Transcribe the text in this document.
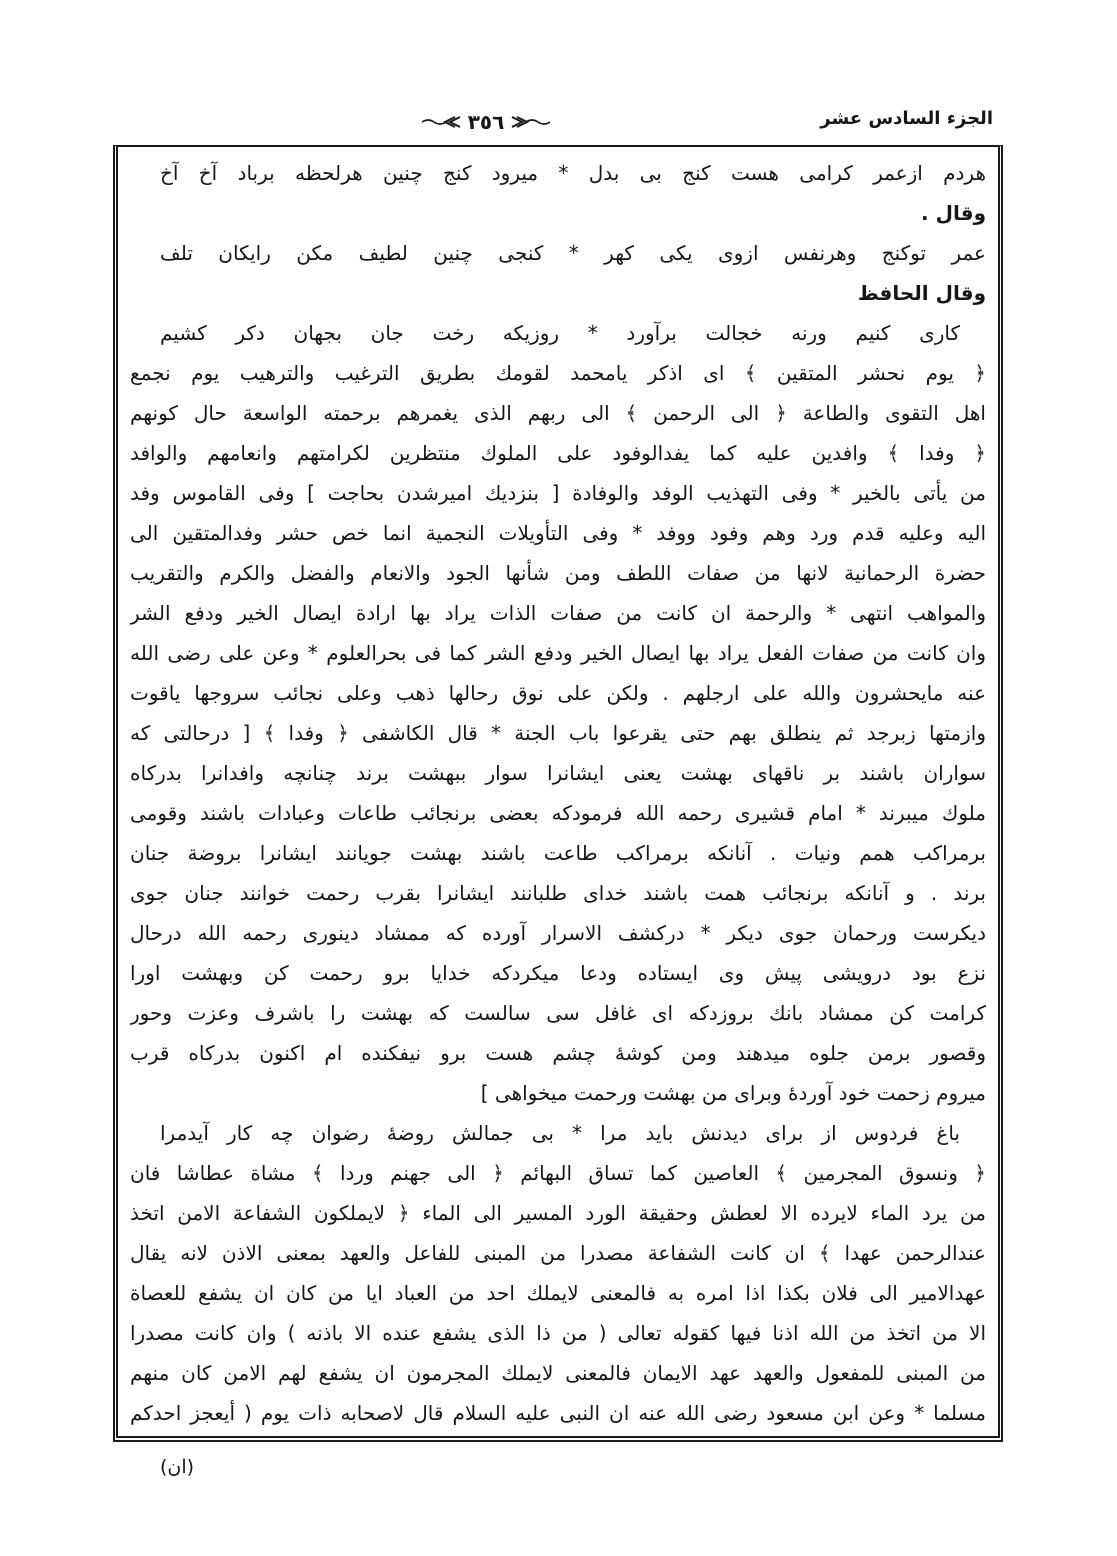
الجزء السادس عشر
٣٥٦
هردم ازعمر كرامى هست كنج بى بدل * ميرود كنج چنين هرلحظه برباد آخ آخ
وقال .
عمر توكنج وهرنفس ازوى يكى كهر * كنجى چنين لطيف مكن رايكان تلف
وقال الحافظ
كارى كنيم ورنه خجالت برآورد * روزيكه رخت جان بجهان دكر كشيم
﴿ يوم نحشر المتقين ﴾ اى اذكر يامحمد لقومك بطريق الترغيب والترهيب يوم نجمع
اهل التقوى والطاعة ﴿ الى الرحمن ﴾ الى ربهم الذى يغمرهم برحمته الواسعة حال كونهم
﴿ وفدا ﴾ وافدين عليه كما يفدالوفود على الملوك منتظرين لكرامتهم وانعامهم والوافد
من يأتى بالخير * وفى التهذيب الوفد والوفادة [ بنزديك اميرشدن بحاجت ] وفى القاموس وفد
اليه وعليه قدم ورد وهم وفود ووفد * وفى التأويلات النجمية انما خص حشر وفدالمتقين الى
حضرة الرحمانية لانها من صفات اللطف ومن شأنها الجود والانعام والفضل والكرم والتقريب
والمواهب انتهى * والرحمة ان كانت من صفات الذات يراد بها ارادة ايصال الخير ودفع الشر
وان كانت من صفات الفعل يراد بها ايصال الخير ودفع الشر كما فى بحرالعلوم * وعن على رضى الله
عنه مايحشرون والله على ارجلهم . ولكن على نوق رحالها ذهب وعلى نجائب سروجها ياقوت
وازمتها زبرجد ثم ينطلق بهم حتى يقرعوا باب الجنة * قال الكاشفى ﴿ وفدا ﴾ [ درحالتى كه
سواران باشند بر ناقهاى بهشت يعنى ايشانرا سوار ببهشت برند چنانچه وافدانرا بدركاه
ملوك ميبرند * امام قشيرى رحمه الله فرمودكه بعضى برنجائب طاعات وعبادات باشند وقومى
برمراكب همم ونيات . آنانكه برمراكب طاعت باشند بهشت جويانند ايشانرا بروضة جنان
برند . و آنانكه برنجائب همت باشند خداى طلبانند ايشانرا بقرب رحمت خوانند جنان جوى
ديكرست ورحمان جوى ديكر * دركشف الاسرار آورده كه ممشاد دينورى رحمه الله درحال
نزع بود درويشى پيش وى ايستاده ودعا ميكردكه خدايا برو رحمت كن وبهشت اورا
كرامت كن ممشاد بانك بروزدكه اى غافل سى سالست كه بهشت را باشرف وعزت وحور
وقصور برمن جلوه ميدهند ومن كوشۀ چشم هست برو نيفكنده ام اكنون بدركاه قرب
ميروم زحمت خود آوردۀ وبراى من بهشت ورحمت ميخواهى ]
باغ فردوس از براى ديدنش بايد مرا * بى جمالش روضۀ رضوان چه كار آيدمرا
﴿ ونسوق المجرمين ﴾ العاصين كما تساق البهائم ﴿ الى جهنم وردا ﴾ مشاة عطاشا فان
من يرد الماء لايرده الا لعطش وحقيقة الورد المسير الى الماء ﴿ لايملكون الشفاعة الامن اتخذ
عندالرحمن عهدا ﴾ ان كانت الشفاعة مصدرا من المبنى للفاعل والعهد بمعنى الاذن لانه يقال
عهدالامير الى فلان بكذا اذا امره به فالمعنى لايملك احد من العباد ايا من كان ان يشفع للعصاة
الا من اتخذ من الله اذنا فيها كقوله تعالى ( من ذا الذى يشفع عنده الا باذنه ) وان كانت مصدرا
من المبنى للمفعول والعهد عهد الايمان فالمعنى لايملك المجرمون ان يشفع لهم الامن كان منهم
مسلما * وعن ابن مسعود رضى الله عنه ان النبى عليه السلام قال لاصحابه ذات يوم ( أيعجز احدكم
(ان)
